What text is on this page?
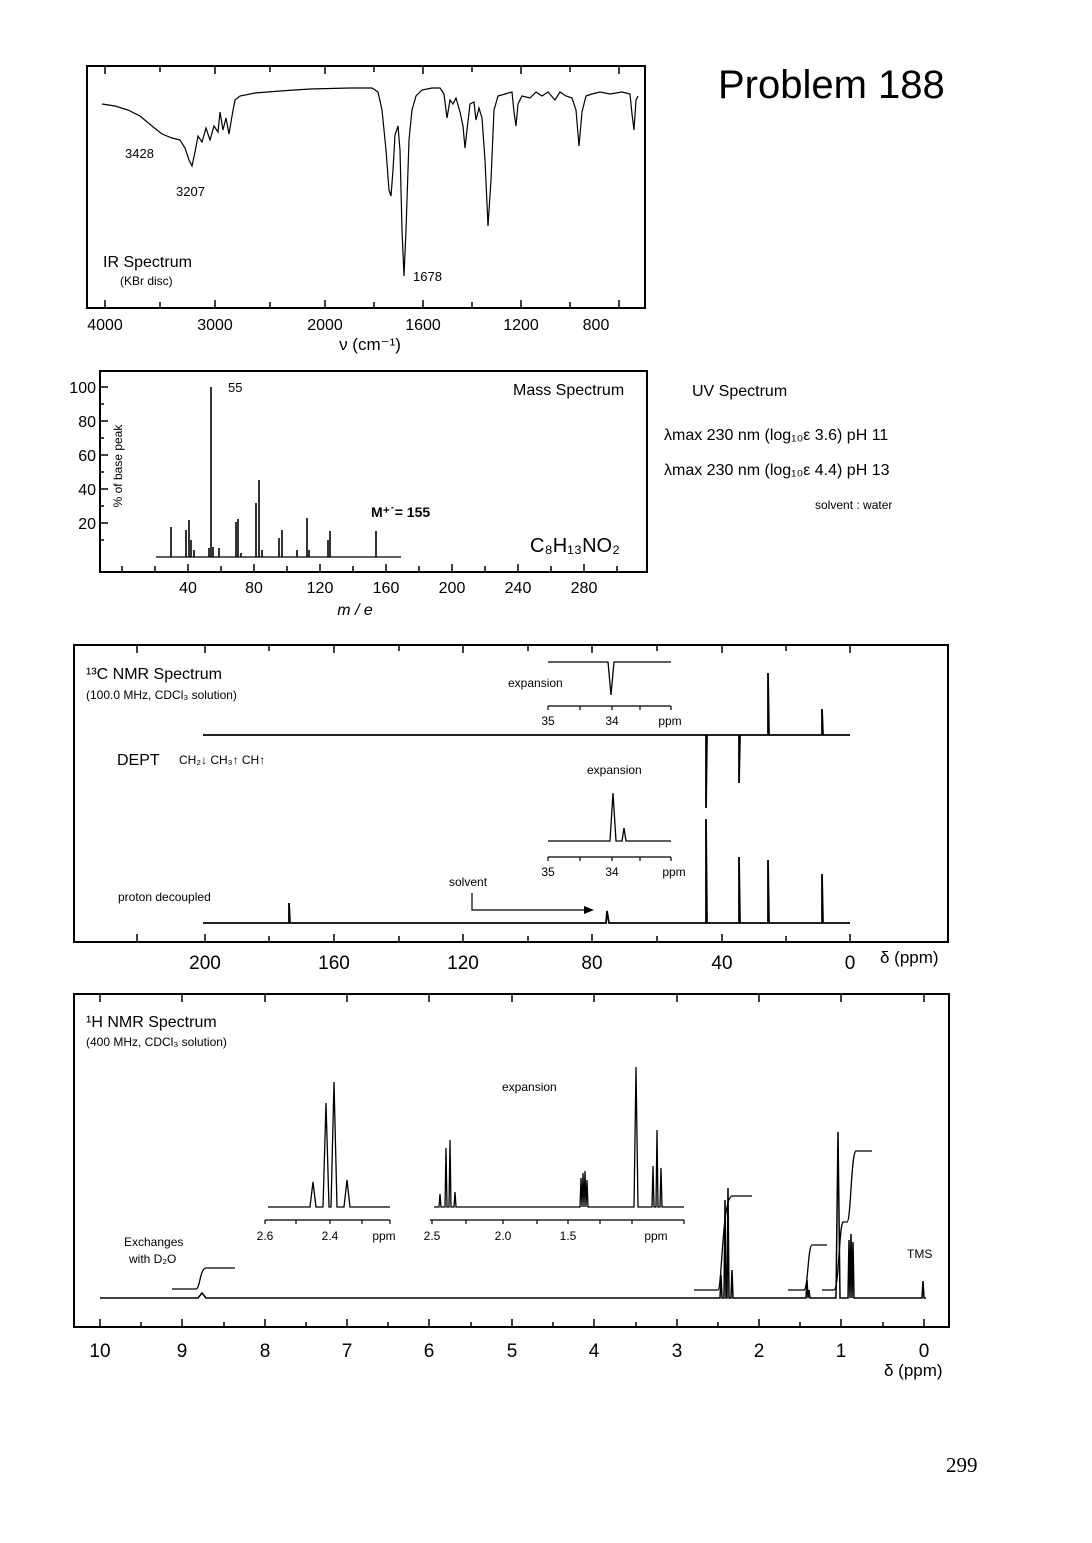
Problem 188
299
3428
3207
1678
IR Spectrum
(KBr disc)
4000	3000	2000	1600	1200	800
ν (cm⁻¹)
55	Mass Spectrum
M⁺˙= 155
C₈H₁₃NO₂
% of base peak
100
80
60
40
20
40	80	120 160 200 240 280
m / e
UV Spectrum
λmax 230 nm (log₁₀ε 3.6) pH 11
λmax 230 nm (log₁₀ε 4.4) pH 13
solvent : water
¹³C NMR Spectrum
(100.0 MHz, CDCl₃ solution)
DEPT CH₂↓ CH₃↑ CH↑
expansion
35	34	ppm
expansion
35	34	ppm
proton decoupled
solvent
200	160	120	80	40	0 δ (ppm)
¹H NMR Spectrum
(400 MHz, CDCl₃ solution)
expansion
2.6	2.4	ppm 2.5	2.0	1.5	ppm
Exchanges
with D₂O	TMS
10	9	8	7	6	5	4	3	2	1	0
δ (ppm)
